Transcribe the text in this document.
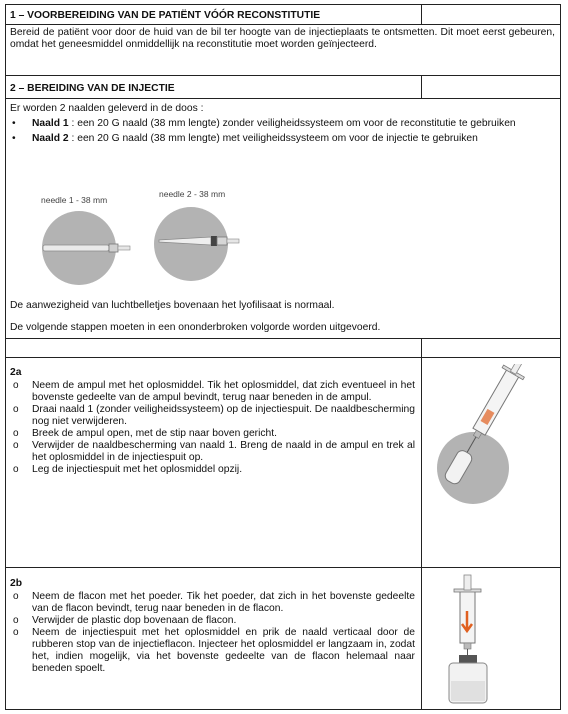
1 – VOORBEREIDING VAN DE PATIËNT VÓÓR RECONSTITUTIE
Bereid de patiënt voor door de huid van de bil ter hoogte van de injectieplaats te ontsmetten. Dit moet eerst gebeuren, omdat het geneesmiddel onmiddellijk na reconstitutie moet worden geïnjecteerd.
2 – BEREIDING VAN DE INJECTIE

Er worden 2 naalden geleverd in de doos :

• Naald 1 : een 20 G naald (38 mm lengte) zonder veiligheidssysteem om voor de reconstitutie te gebruiken
• Naald 2 : een 20 G naald (38 mm lengte) met veiligheidssysteem om voor de injectie te gebruiken
needle 1 - 38 mm
needle 2 - 38 mm
De aanwezigheid van luchtbelletjes bovenaan het lyofilisaat is normaal.
De volgende stappen moeten in een ononderbroken volgorde worden uitgevoerd.
2a
o Neem de ampul met het oplosmiddel. Tik het oplosmiddel, dat zich eventueel in het bovenste gedeelte van de ampul bevindt, terug naar beneden in de ampul.
o Draai naald 1 (zonder veiligheidssysteem) op de injectiespuit. De naaldbescherming nog niet verwijderen.
o Breek de ampul open, met de stip naar boven gericht.
o Verwijder de naaldbescherming van naald 1. Breng de naald in de ampul en trek al het oplosmiddel in de injectiespuit op.
o Leg de injectiespuit met het oplosmiddel opzij.
2b
o Neem de flacon met het poeder. Tik het poeder, dat zich in het bovenste gedeelte van de flacon bevindt, terug naar beneden in de flacon.
o Verwijder de plastic dop bovenaan de flacon.
o Neem de injectiespuit met het oplosmiddel en prik de naald verticaal door de rubberen stop van de injectieflacon. Injecteer het oplosmiddel er langzaam in, zodat het, indien mogelijk, via het bovenste gedeelte van de flacon helemaal naar beneden spoelt.
